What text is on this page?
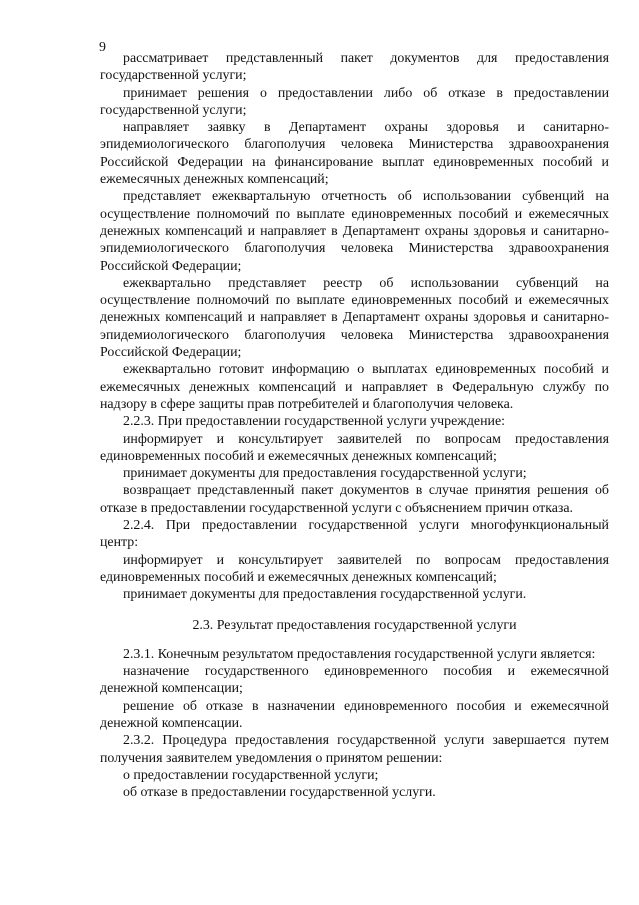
9

рассматривает представленный пакет документов для предоставления государственной услуги;

принимает решения о предоставлении либо об отказе в предоставлении государственной услуги;

направляет заявку в Департамент охраны здоровья и санитарно-эпидемиологического благополучия человека Министерства здравоохранения Российской Федерации на финансирование выплат единовременных пособий и ежемесячных денежных компенсаций;

представляет ежеквартальную отчетность об использовании субвенций на осуществление полномочий по выплате единовременных пособий и ежемесячных денежных компенсаций и направляет в Департамент охраны здоровья и санитарно-эпидемиологического благополучия человека Министерства здравоохранения Российской Федерации;

ежеквартально представляет реестр об использовании субвенций на осуществление полномочий по выплате единовременных пособий и ежемесячных денежных компенсаций и направляет в Департамент охраны здоровья и санитарно-эпидемиологического благополучия человека Министерства здравоохранения Российской Федерации;

ежеквартально готовит информацию о выплатах единовременных пособий и ежемесячных денежных компенсаций и направляет в Федеральную службу по надзору в сфере защиты прав потребителей и благополучия человека.

2.2.3. При предоставлении государственной услуги учреждение:

информирует и консультирует заявителей по вопросам предоставления единовременных пособий и ежемесячных денежных компенсаций;

принимает документы для предоставления государственной услуги;

возвращает представленный пакет документов в случае принятия решения об отказе в предоставлении государственной услуги с объяснением причин отказа.

2.2.4. При предоставлении государственной услуги многофункциональный центр:

информирует и консультирует заявителей по вопросам предоставления единовременных пособий и ежемесячных денежных компенсаций;

принимает документы для предоставления государственной услуги.

2.3. Результат предоставления государственной услуги

2.3.1. Конечным результатом предоставления государственной услуги является:

назначение государственного единовременного пособия и ежемесячной денежной компенсации;

решение об отказе в назначении единовременного пособия и ежемесячной денежной компенсации.

2.3.2. Процедура предоставления государственной услуги завершается путем получения заявителем уведомления о принятом решении:

о предоставлении государственной услуги;

об отказе в предоставлении государственной услуги.
